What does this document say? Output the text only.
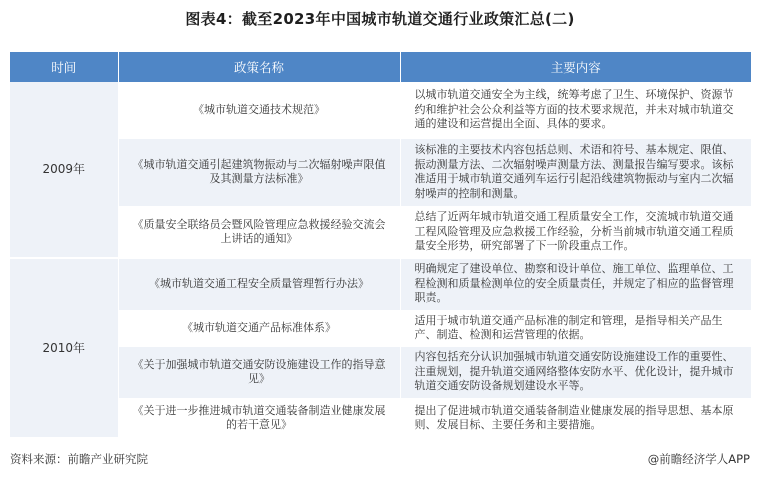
图表4：截至2023年中国城市轨道交通行业政策汇总(二)
时间	政策名称	主要内容
2009年	《城市轨道交通技术规范》	以城市轨道交通安全为主线，统筹考虑了卫生、环境保护、资源节约和维护社会公众利益等方面的技术要求规范，并未对城市轨道交通的建设和运营提出全面、具体的要求。
	《城市轨道交通引起建筑物振动与二次辐射噪声限值及其测量方法标准》	该标准的主要技术内容包括总则、术语和符号、基本规定、限值、振动测量方法、二次辐射噪声测量方法、测量报告编写要求。该标准适用于城市轨道交通列车运行引起沿线建筑物振动与室内二次辐射噪声的控制和测量。
	《质量安全联络员会暨风险管理应急救援经验交流会上讲话的通知》	总结了近两年城市轨道交通工程质量安全工作，交流城市轨道交通工程风险管理及应急救援工作经验，分析当前城市轨道交通工程质量安全形势，研究部署了下一阶段重点工作。
2010年	《城市轨道交通工程安全质量管理暂行办法》	明确规定了建设单位、勘察和设计单位、施工单位、监理单位、工程检测和质量检测单位的安全质量责任，并规定了相应的监督管理职责。
	《城市轨道交通产品标准体系》	适用于城市轨道交通产品标准的制定和管理，是指导相关产品生产、制造、检测和运营管理的依据。
	《关于加强城市轨道交通安防设施建设工作的指导意见》	内容包括充分认识加强城市轨道交通安防设施建设工作的重要性、注重规划，提升轨道交通网络整体安防水平、优化设计，提升城市轨道交通安防设备规划建设水平等。
	《关于进一步推进城市轨道交通装备制造业健康发展的若干意见》	提出了促进城市轨道交通装备制造业健康发展的指导思想、基本原则、发展目标、主要任务和主要措施。
资料来源：前瞻产业研究院	@前瞻经济学人APP
